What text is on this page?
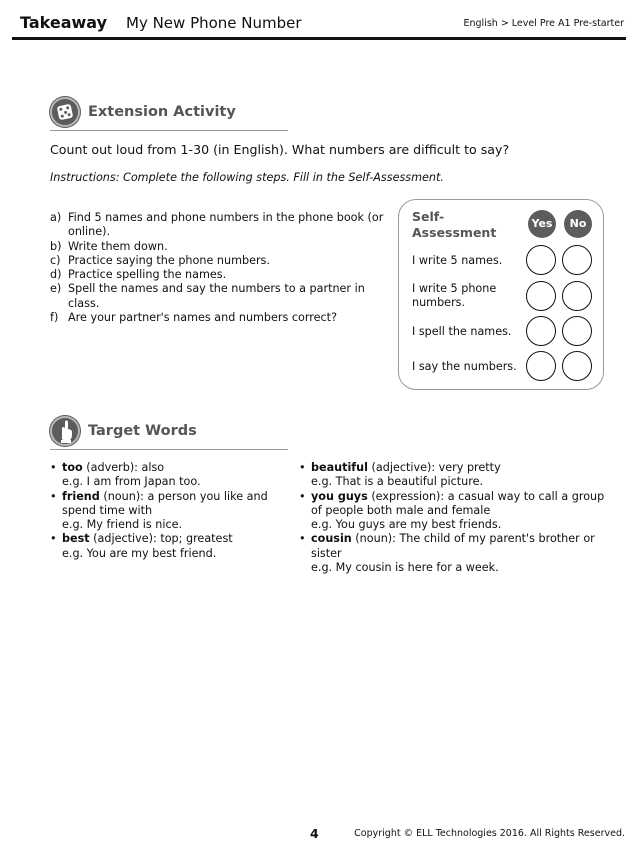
Takeaway My New Phone Number	English > Level Pre A1 Pre-starter
Extension Activity

Count out loud from 1-30 (in English). What numbers are difficult to say?

Instructions: Complete the following steps. Fill in the Self-Assessment.

a) Find 5 names and phone numbers in the phone book (or online).
b) Write them down.
c) Practice saying the phone numbers.
d) Practice spelling the names.
e) Spell the names and say the numbers to a partner in class.
f) Are your partner's names and numbers correct?
Self-Assessment
Yes	No
I write 5 names.
I write 5 phone numbers.
I spell the names.
I say the numbers.
Target Words
• too (adverb): also
e.g. I am from Japan too.
• friend (noun): a person you like and spend time with
e.g. My friend is nice.
• best (adjective): top; greatest
e.g. You are my best friend.
• beautiful (adjective): very pretty
e.g. That is a beautiful picture.
• you guys (expression): a casual way to call a group of people both male and female
e.g. You guys are my best friends.
• cousin (noun): The child of my parent's brother or sister
e.g. My cousin is here for a week.
4	Copyright © ELL Technologies 2016. All Rights Reserved.
